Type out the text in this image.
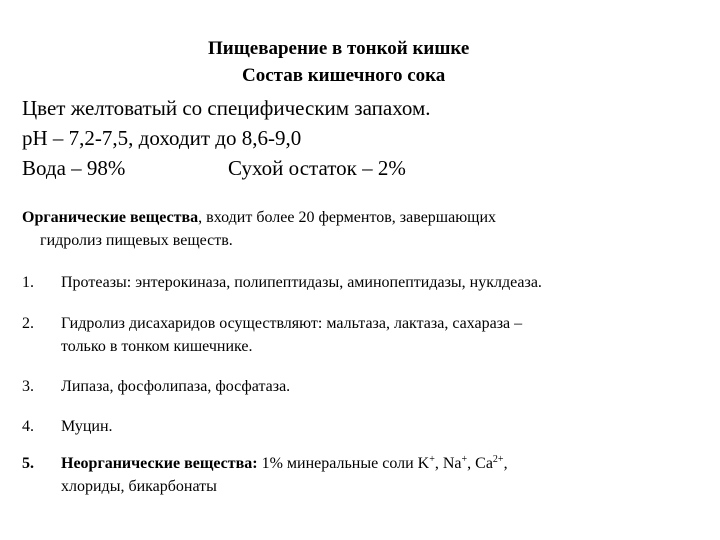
Пищеварение в тонкой кишке
Состав кишечного сока
Цвет желтоватый со специфическим запахом.
рН – 7,2-7,5, доходит до 8,6-9,0
Вода – 98%	Сухой остаток – 2%
Органические вещества, входит более 20 ферментов, завершающих
гидролиз пищевых веществ.
1. Протеазы: энтерокиназа, полипептидазы, аминопептидазы, нуклдеаза.
2. Гидролиз дисахаридов осуществляют: мальтаза, лактаза, сахараза –
только в тонком кишечнике.
3. Липаза, фосфолипаза, фосфатаза.
4. Муцин.
5. Неорганические вещества: 1% минеральные соли K+, Na+, $Ca^{2+}$,
хлориды, бикарбонаты
